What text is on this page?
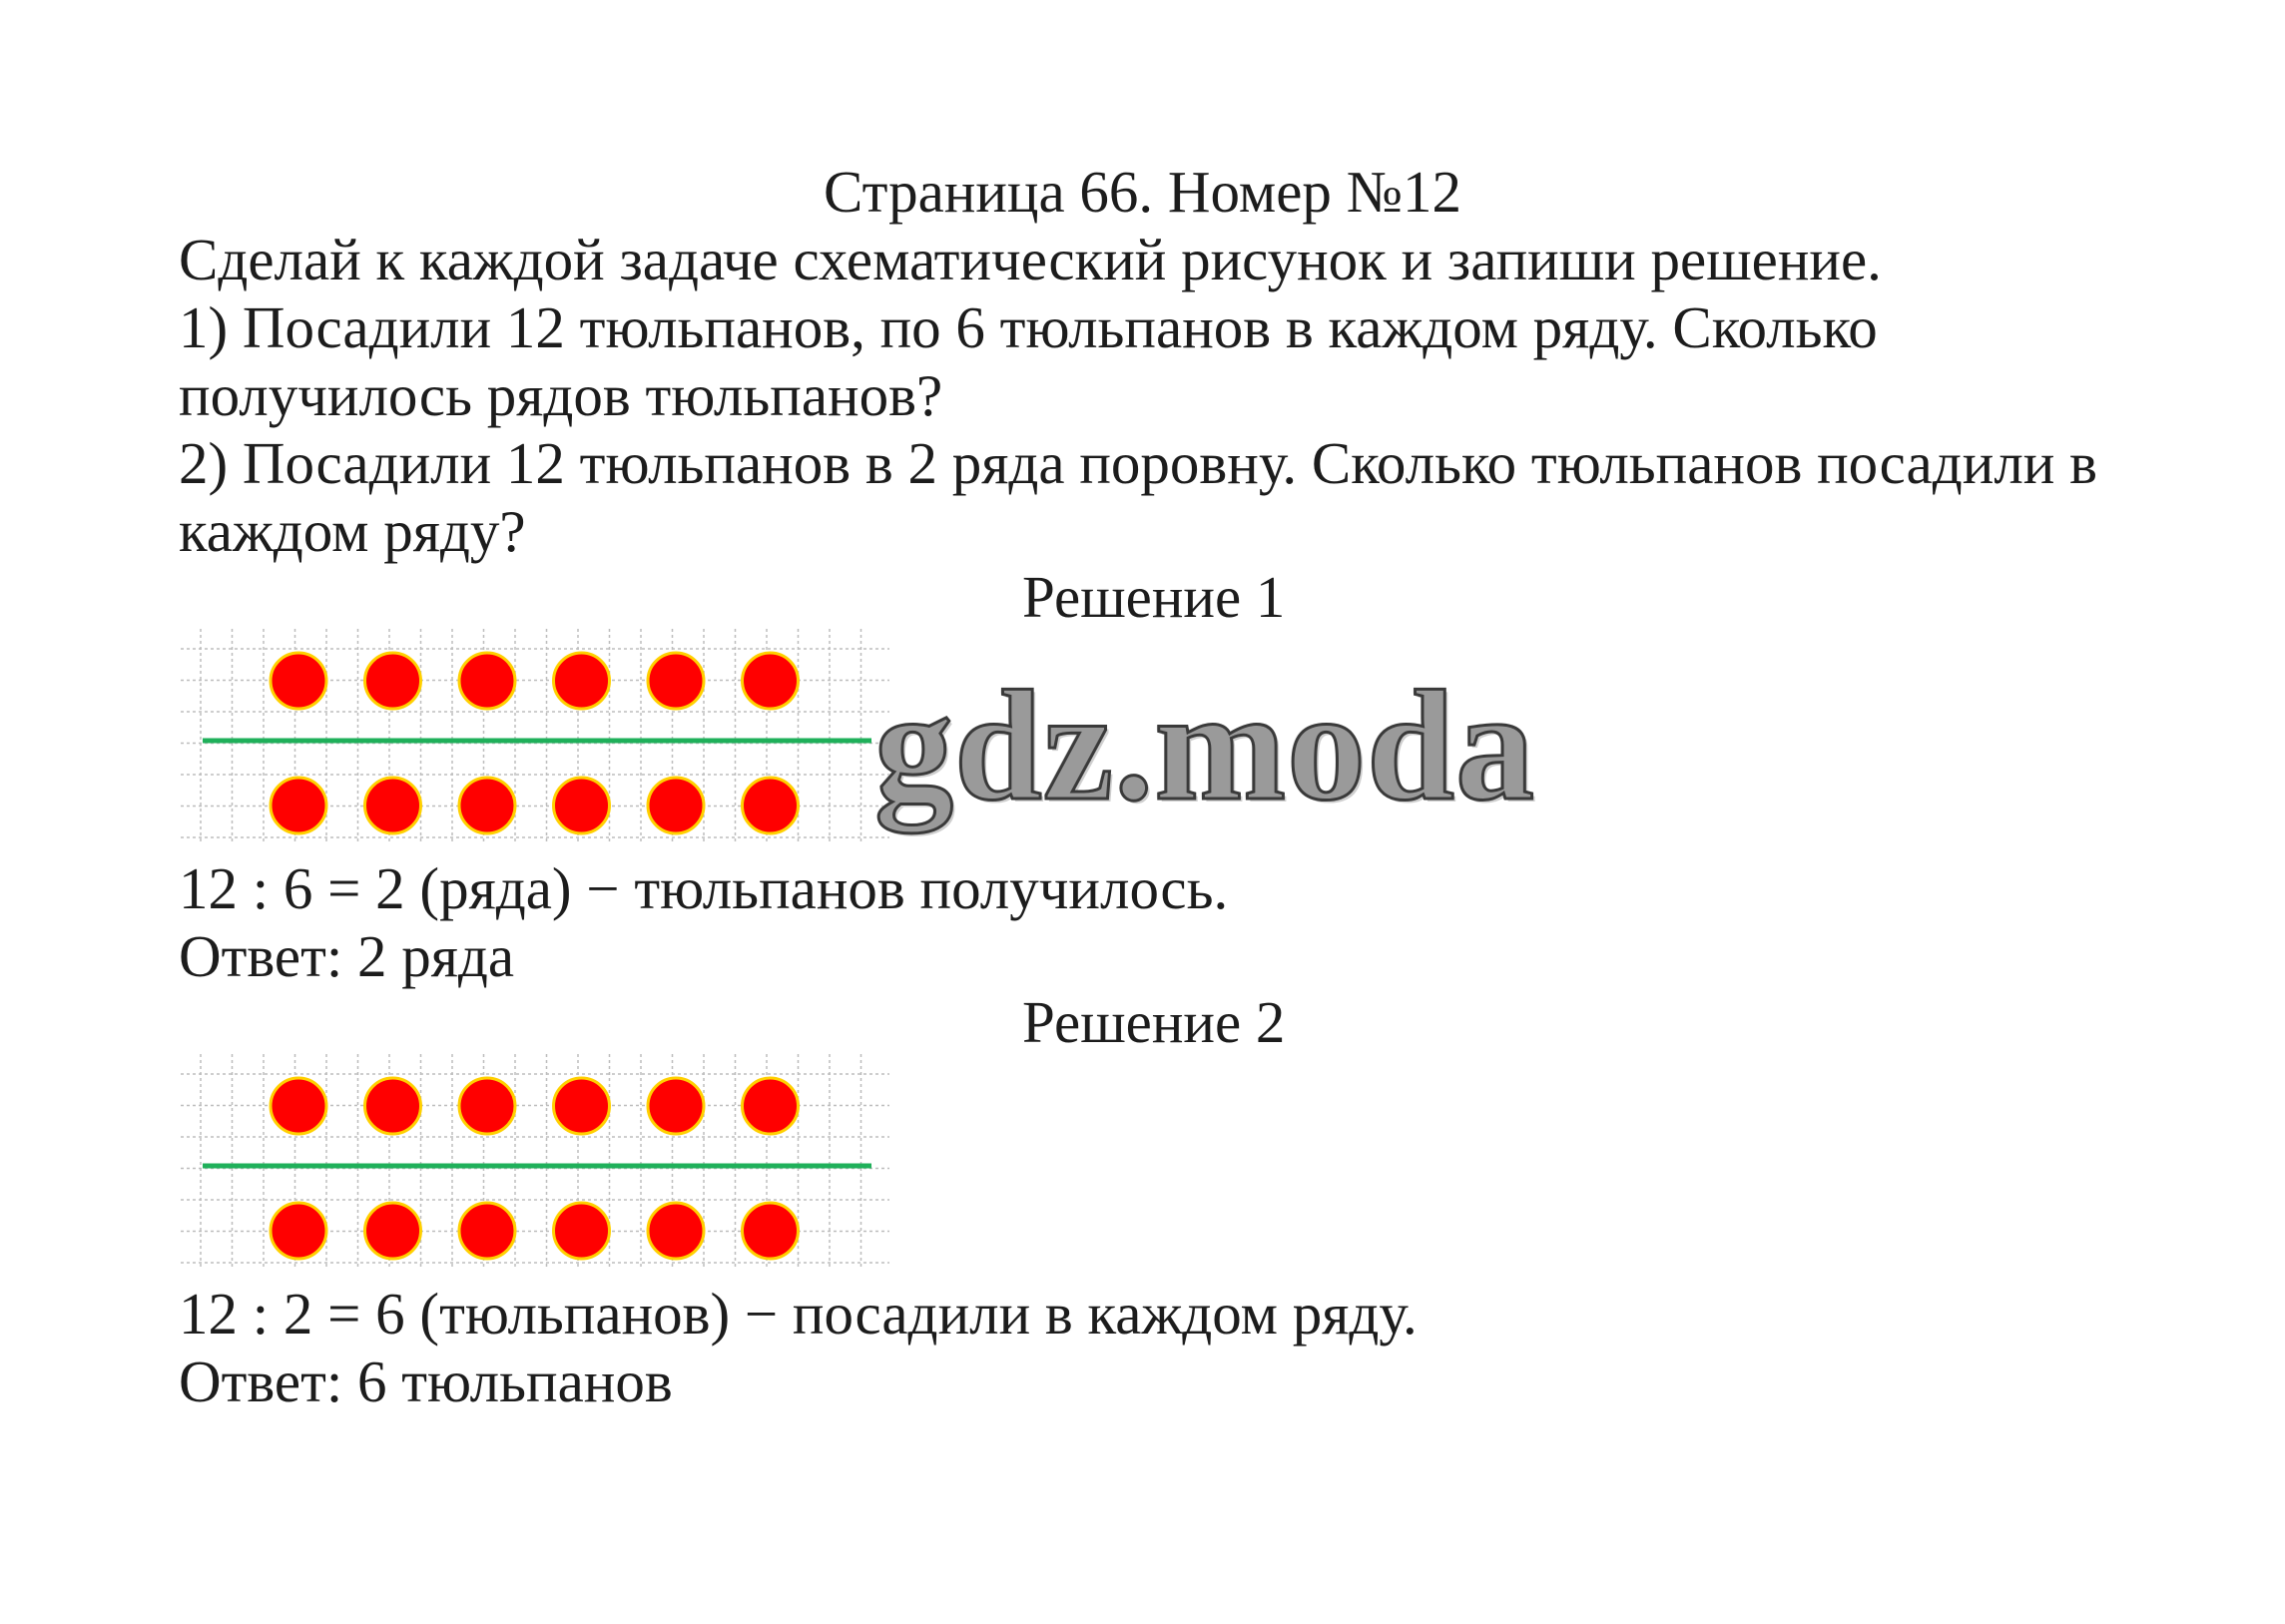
Страница 66. Номер №12
Сделай к каждой задаче схематический рисунок и запиши решение.
1) Посадили 12 тюльпанов, по 6 тюльпанов в каждом ряду. Сколько
получилось рядов тюльпанов?
2) Посадили 12 тюльпанов в 2 ряда поровну. Сколько тюльпанов посадили в
каждом ряду?
Решение 1
gdz.moda
12 : 6 = 2 (ряда) − тюльпанов получилось.
Ответ: 2 ряда
Решение 2
12 : 2 = 6 (тюльпанов) − посадили в каждом ряду.
Ответ: 6 тюльпанов
